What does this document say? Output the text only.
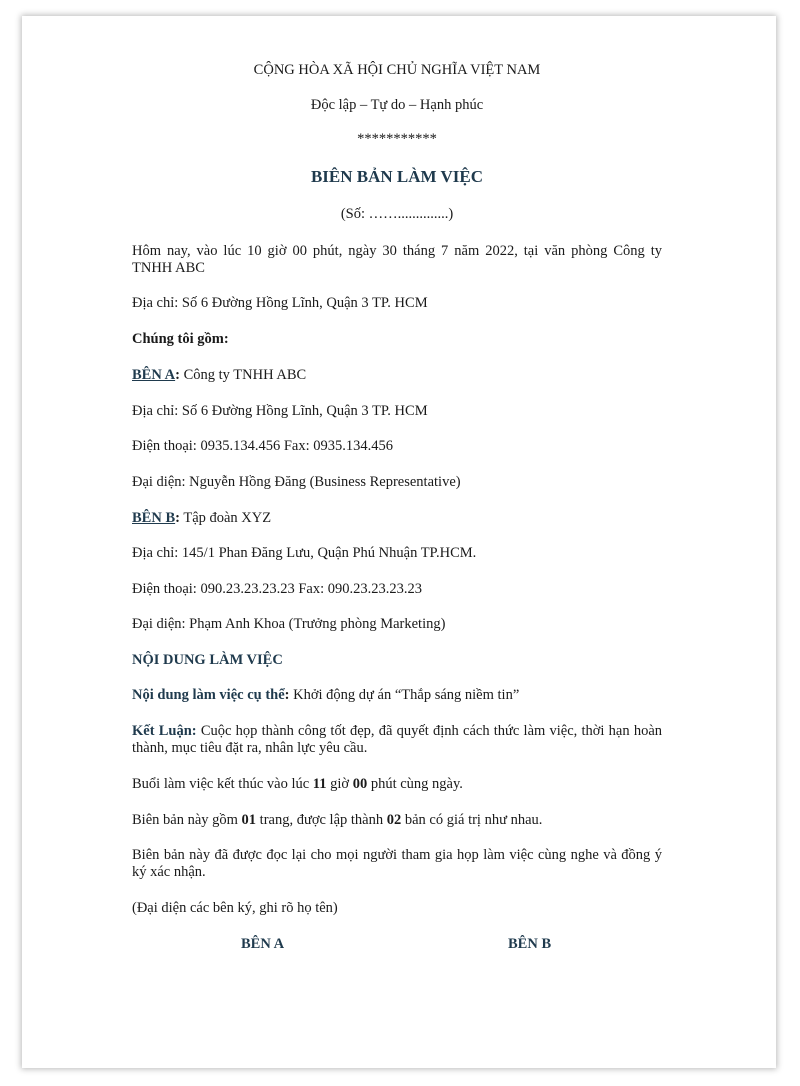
CỘNG HÒA XÃ HỘI CHỦ NGHĨA VIỆT NAM

Độc lập – Tự do – Hạnh phúc

***********

BIÊN BẢN LÀM VIỆC

(Số: ……..............)

Hôm nay, vào lúc 10 giờ 00 phút, ngày 30 tháng 7 năm 2022, tại văn phòng Công ty TNHH ABC

Địa chỉ: Số 6 Đường Hồng Lĩnh, Quận 3 TP. HCM

Chúng tôi gồm:

BÊN A: Công ty TNHH ABC

Địa chỉ: Số 6 Đường Hồng Lĩnh, Quận 3 TP. HCM

Điện thoại: 0935.134.456 Fax: 0935.134.456

Đại diện: Nguyễn Hồng Đăng (Business Representative)

BÊN B: Tập đoàn XYZ

Địa chỉ: 145/1 Phan Đăng Lưu, Quận Phú Nhuận TP.HCM.

Điện thoại: 090.23.23.23.23 Fax: 090.23.23.23.23

Đại diện: Phạm Anh Khoa (Trưởng phòng Marketing)

NỘI DUNG LÀM VIỆC

Nội dung làm việc cụ thể: Khởi động dự án “Thắp sáng niềm tin”

Kết Luận: Cuộc họp thành công tốt đẹp, đã quyết định cách thức làm việc, thời hạn hoàn thành, mục tiêu đặt ra, nhân lực yêu cầu.

Buổi làm việc kết thúc vào lúc 11 giờ 00 phút cùng ngày.

Biên bản này gồm 01 trang, được lập thành 02 bản có giá trị như nhau.

Biên bản này đã được đọc lại cho mọi người tham gia họp làm việc cùng nghe và đồng ý ký xác nhận.

(Đại diện các bên ký, ghi rõ họ tên)

BÊN A	BÊN B
